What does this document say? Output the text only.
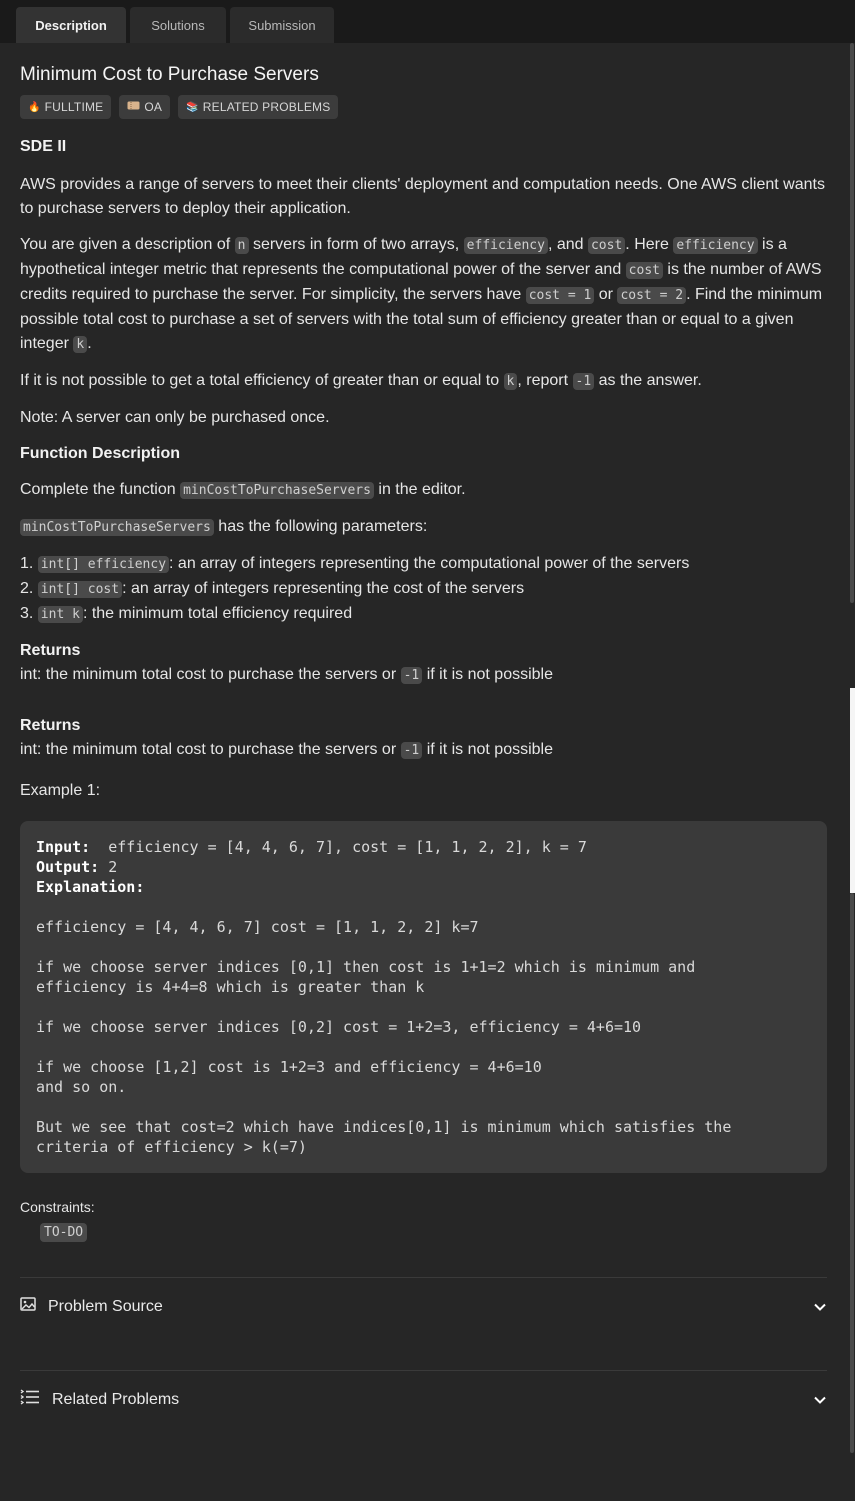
Description	Solutions	Submission
Minimum Cost to Purchase Servers
🔥 FULLTIME	OA 📚 RELATED PROBLEMS
SDE II

AWS provides a range of servers to meet their clients' deployment and computation needs. One AWS client wants to purchase servers to deploy their application.

You are given a description of n servers in form of two arrays, efficiency , and cost . Here efficiency is a hypothetical integer metric that represents the computational power of the server and cost is the number of AWS credits required to purchase the server. For simplicity, the servers have cost = 1 or cost = 2 . Find the minimum possible total cost to purchase a set of servers with the total sum of efficiency greater than or equal to a given integer k .

If it is not possible to get a total efficiency of greater than or equal to k , report -1 as the answer.

Note: A server can only be purchased once.

Function Description

Complete the function minCostToPurchaseServers in the editor.

minCostToPurchaseServers has the following parameters:

1. int[] efficiency : an array of integers representing the computational power of the servers

2. int[] cost : an array of integers representing the cost of the servers

3. int k : the minimum total efficiency required

Returns

int: the minimum total cost to purchase the servers or -1 if it is not possible

Returns

int: the minimum total cost to purchase the servers or -1 if it is not possible

Example 1:

Input:  efficiency = [4, 4, 6, 7], cost = [1, 1, 2, 2], k = 7
Output: 2
Explanation:

efficiency = [4, 4, 6, 7] cost = [1, 1, 2, 2] k=7

if we choose server indices [0,1] then cost is 1+1=2 which is minimum and
efficiency is 4+4=8 which is greater than k

if we choose server indices [0,2] cost = 1+2=3, efficiency = 4+6=10

if we choose [1,2] cost is 1+2=3 and efficiency = 4+6=10
and so on.

But we see that cost=2 which have indices[0,1] is minimum which satisfies the
criteria of efficiency > k(=7)

Constraints:

TO-DO
Problem Source
Related Problems
